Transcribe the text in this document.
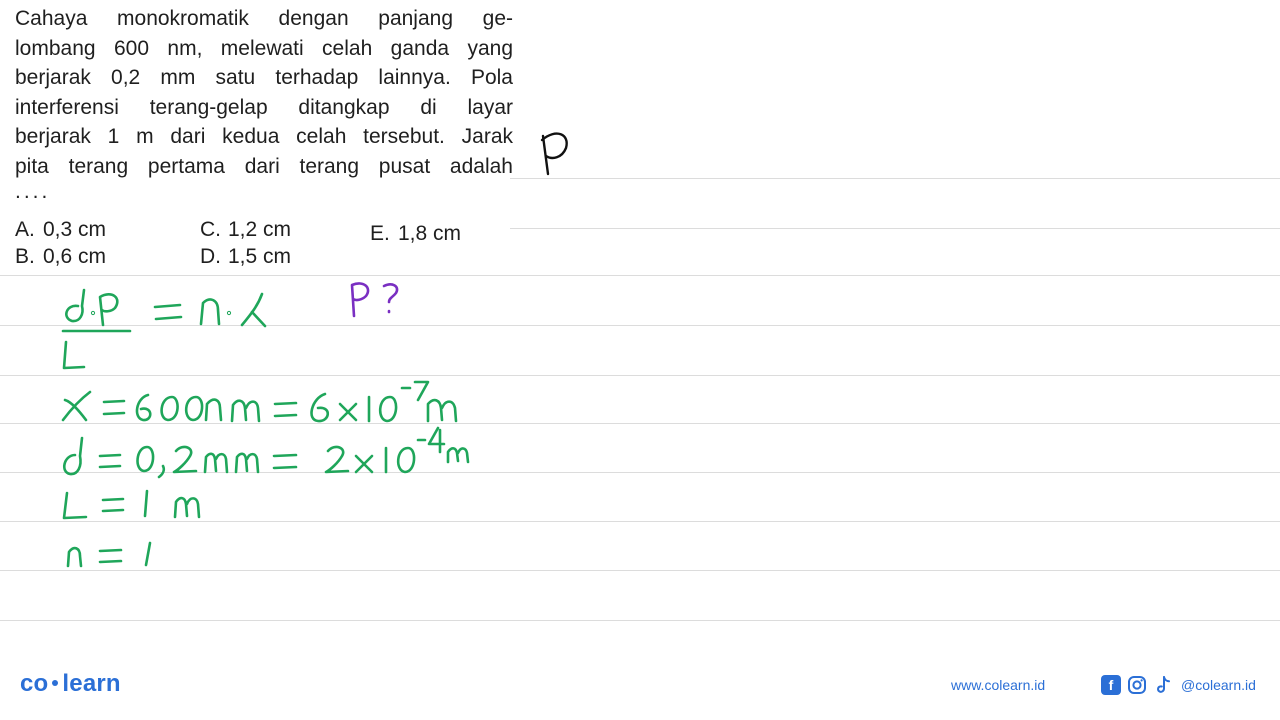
Cahaya monokromatik dengan panjang ge-
lombang 600 nm, melewati celah ganda yang
berjarak 0,2 mm satu terhadap lainnya. Pola
interferensi terang-gelap ditangkap di layar
berjarak 1 m dari kedua celah tersebut. Jarak
pita terang pertama dari terang pusat adalah
....
A. 0,3 cm
B. 0,6 cm
C. 1,2 cm
D. 1,5 cm
E. 1,8 cm
co learn	www.colearn.id	f	@colearn.id
